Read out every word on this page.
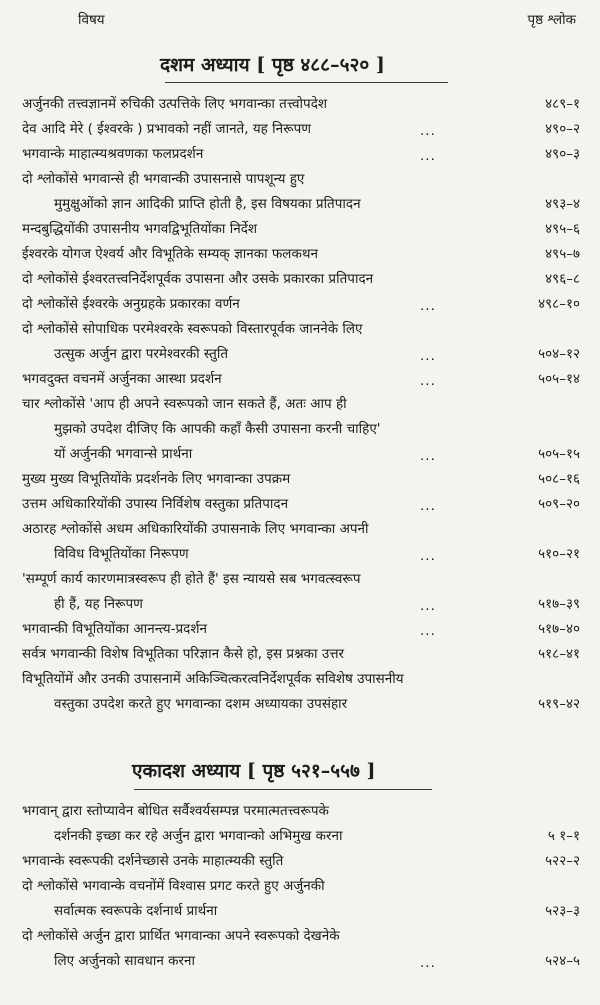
विषय	पृष्ठ श्लोक
दशम अध्याय [ पृष्ठ ४८८–५२० ]
अर्जुनकी तत्त्वज्ञानमें रुचिकी उत्पत्तिके लिए भगवान्का तत्त्वोपदेश	४८९–१
देव आदि मेरे ( ईश्वरके ) प्रभावको नहीं जानते, यह निरूपण	...	४९०–२
भगवान्के माहात्म्यश्रवणका फलप्रदर्शन	...	४९०–३
दो श्लोकोंसे भगवान्से ही भगवान्की उपासनासे पापशून्य हुए
मुमुक्षुओंको ज्ञान आदिकी प्राप्ति होती है, इस विषयका प्रतिपादन	४९३–४
मन्दबुद्धियोंकी उपासनीय भगवद्विभूतियोंका निर्देश	४९५–६
ईश्वरके योगज ऐश्वर्य और विभूतिके सम्यक् ज्ञानका फलकथन	४९५–७
दो श्लोकोंसे ईश्वरतत्त्वनिर्देशपूर्वक उपासना और उसके प्रकारका प्रतिपादन	४९६–८
दो श्लोकोंसे ईश्वरके अनुग्रहके प्रकारका वर्णन	...	४९८–१०
दो श्लोकोंसे सोपाधिक परमेश्वरके स्वरूपको विस्तारपूर्वक जाननेके लिए
उत्सुक अर्जुन द्वारा परमेश्वरकी स्तुति	...	५०४–१२
भगवदुक्त वचनमें अर्जुनका आस्था प्रदर्शन	...	५०५–१४
चार श्लोकोंसे 'आप ही अपने स्वरूपको जान सकते हैं, अतः आप ही
मुझको उपदेश दीजिए कि आपकी कहाँ कैसी उपासना करनी चाहिए'
यों अर्जुनकी भगवान्से प्रार्थना	...	५०५–१५
मुख्य मुख्य विभूतियोंके प्रदर्शनके लिए भगवान्का उपक्रम	५०८–१६
उत्तम अधिकारियोंकी उपास्य निर्विशेष वस्तुका प्रतिपादन	...	५०९–२०
अठारह श्लोकोंसे अधम अधिकारियोंकी उपासनाके लिए भगवान्का अपनी
विविध विभूतियोंका निरूपण	...	५१०–२१
'सम्पूर्ण कार्य कारणमात्रस्वरूप ही होते हैं' इस न्यायसे सब भगवत्स्वरूप
ही हैं, यह निरूपण	...	५१७–३९
भगवान्की विभूतियोंका आनन्त्य-प्रदर्शन	...	५१७–४०
सर्वत्र भगवान्की विशेष विभूतिका परिज्ञान कैसे हो, इस प्रश्नका उत्तर	५१८–४१
विभूतियोंमें और उनकी उपासनामें अकिञ्चित्करत्वनिर्देशपूर्वक सविशेष उपासनीय
वस्तुका उपदेश करते हुए भगवान्का दशम अध्यायका उपसंहार	५१९–४२
एकादश अध्याय [ पृष्ठ ५२१–५५७ ]
भगवान् द्वारा स्तोप्यावेन बोधित सर्वैश्वर्यसम्पन्न परमात्मतत्त्वरूपके
दर्शनकी इच्छा कर रहे अर्जुन द्वारा भगवान्को अभिमुख करना	५ १–१
भगवान्के स्वरूपकी दर्शनेच्छासे उनके माहात्म्यकी स्तुति	५२२–२
दो श्लोकोंसे भगवान्के वचनोंमें विश्वास प्रगट करते हुए अर्जुनकी
सर्वात्मक स्वरूपके दर्शनार्थ प्रार्थना	५२३–३
दो श्लोकोंसे अर्जुन द्वारा प्रार्थित भगवान्का अपने स्वरूपको देखनेके
लिए अर्जुनको सावधान करना	...	५२४–५
